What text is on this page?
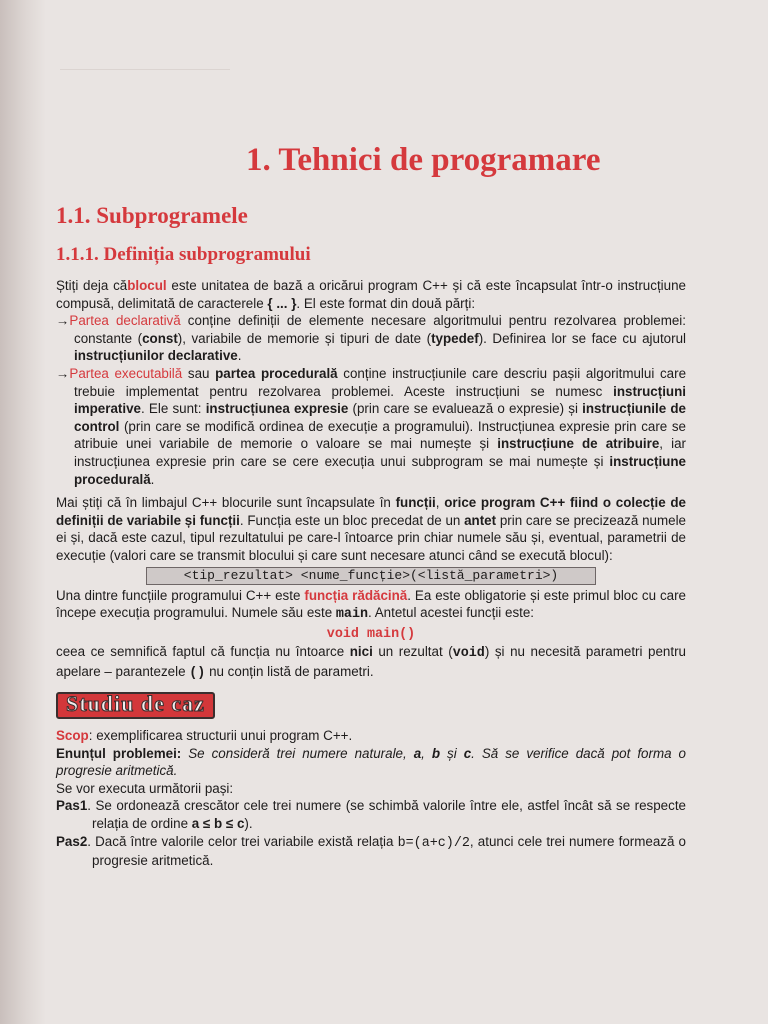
1. Tehnici de programare
1.1. Subprogramele
1.1.1. Definiția subprogramului

Știți deja căblocul este unitatea de bază a oricărui program C++ și că este încapsulat într-o instrucțiune compusă, delimitată de caracterele { ... }. El este format din două părți:

→Partea declarativă conține definiții de elemente necesare algoritmului pentru rezolvarea problemei: constante (const), variabile de memorie și tipuri de date (typedef). Definirea lor se face cu ajutorul instrucțiunilor declarative.

→Partea executabilă sau partea procedurală conține instrucțiunile care descriu pașii algoritmului care trebuie implementat pentru rezolvarea problemei. Aceste instrucțiuni se numesc instrucțiuni imperative. Ele sunt: instrucțiunea expresie (prin care se evaluează o expresie) și instrucțiunile de control (prin care se modifică ordinea de execuție a programului). Instrucțiunea expresie prin care se atribuie unei variabile de memorie o valoare se mai numește și instrucțiune de atribuire, iar instrucțiunea expresie prin care se cere execuția unui subprogram se mai numește și instrucțiune procedurală.

Mai știți că în limbajul C++ blocurile sunt încapsulate în funcții, orice program C++ fiind o colecție de definiții de variabile și funcții. Funcția este un bloc precedat de un antet prin care se precizează numele ei și, dacă este cazul, tipul rezultatului pe care-l întoarce prin chiar numele său și, eventual, parametrii de execuție (valori care se transmit blocului și care sunt necesare atunci când se execută blocul):

<tip_rezultat> <nume_funcție>(<listă_parametri>)

Una dintre funcțiile programului C++ este funcția rădăcină. Ea este obligatorie și este primul bloc cu care începe execuția programului. Numele său este main. Antetul acestei funcții este:

void main()

ceea ce semnifică faptul că funcția nu întoarce nici un rezultat (void) și nu necesită parametri pentru apelare – parantezele () nu conțin listă de parametri.

Studiu de caz

Scop: exemplificarea structurii unui program C++.

Enunțul problemei: Se consideră trei numere naturale, a, b și c. Să se verifice dacă pot forma o progresie aritmetică.

Se vor executa următorii pași:

Pas1. Se ordonează crescător cele trei numere (se schimbă valorile între ele, astfel încât să se respecte relația de ordine a ≤ b ≤ c).

Pas2. Dacă între valorile celor trei variabile există relația b=(a+c)/2, atunci cele trei numere formează o progresie aritmetică.
